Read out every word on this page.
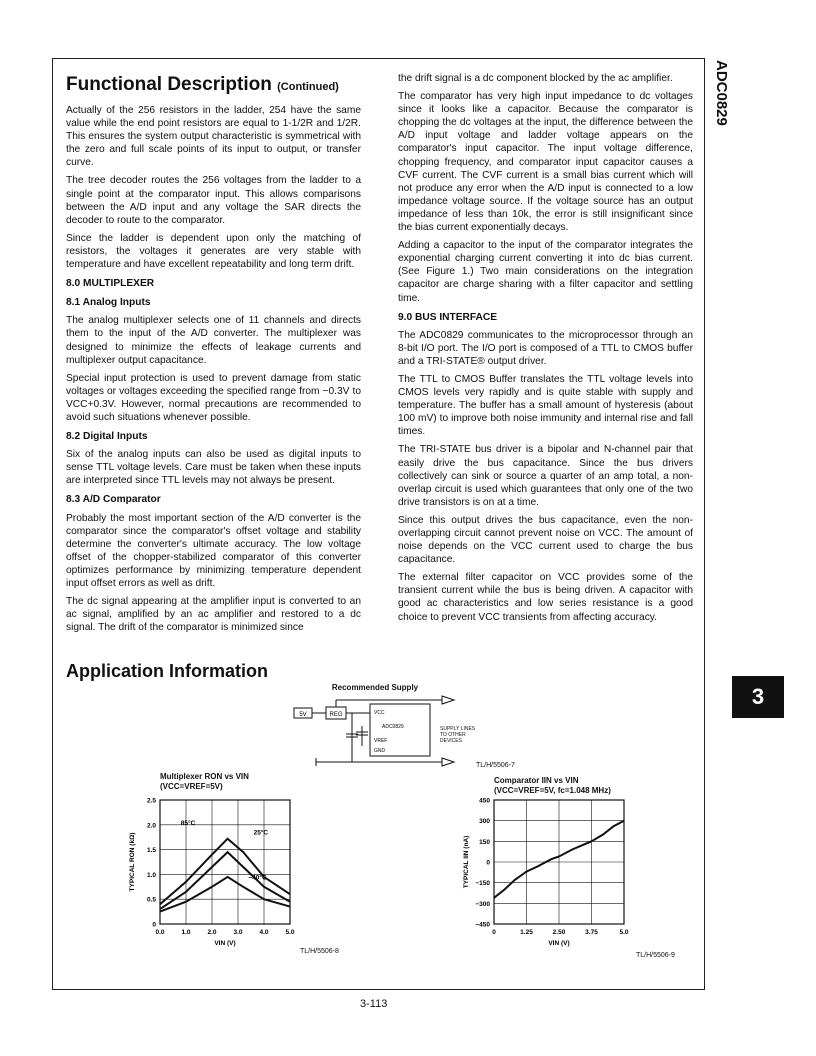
ADC0829
Functional Description (Continued)

Actually of the 256 resistors in the ladder, 254 have the same value while the end point resistors are equal to 1-1/2R and 1/2R. This ensures the system output characteristic is symmetrical with the zero and full scale points of its input to output, or transfer curve.

The tree decoder routes the 256 voltages from the ladder to a single point at the comparator input. This allows comparisons between the A/D input and any voltage the SAR directs the decoder to route to the comparator.

Since the ladder is dependent upon only the matching of resistors, the voltages it generates are very stable with temperature and have excellent repeatability and long term drift.

8.0 MULTIPLEXER
8.1 Analog Inputs

The analog multiplexer selects one of 11 channels and directs them to the input of the A/D converter. The multiplexer was designed to minimize the effects of leakage currents and multiplexer output capacitance.

Special input protection is used to prevent damage from static voltages or voltages exceeding the specified range from −0.3V to VCC+0.3V. However, normal precautions are recommended to avoid such situations whenever possible.

8.2 Digital Inputs

Six of the analog inputs can also be used as digital inputs to sense TTL voltage levels. Care must be taken when these inputs are interpreted since TTL levels may not always be present.

8.3 A/D Comparator

Probably the most important section of the A/D converter is the comparator since the comparator's offset voltage and stability determine the converter's ultimate accuracy. The low voltage offset of the chopper-stabilized comparator of this converter optimizes performance by minimizing temperature dependent input offset errors as well as drift.

The dc signal appearing at the amplifier input is converted to an ac signal, amplified by an ac amplifier and restored to a dc signal. The drift of the comparator is minimized since

the drift signal is a dc component blocked by the ac amplifier.

The comparator has very high input impedance to dc voltages since it looks like a capacitor. Because the comparator is chopping the dc voltages at the input, the difference between the A/D input voltage and ladder voltage appears on the comparator's input capacitor. The input voltage difference, chopping frequency, and comparator input capacitor causes a CVF current. The CVF current is a small bias current which will not produce any error when the A/D input is connected to a low impedance voltage source. If the voltage source has an output impedance of less than 10k, the error is still insignificant since the bias current exponentially decays.

Adding a capacitor to the input of the comparator integrates the exponential charging current converting it into dc bias current. (See Figure 1.) Two main considerations on the integration capacitor are charge sharing with a filter capacitor and settling time.

9.0 BUS INTERFACE

The ADC0829 communicates to the microprocessor through an 8-bit I/O port. The I/O port is composed of a TTL to CMOS buffer and a TRI-STATE® output driver.

The TTL to CMOS Buffer translates the TTL voltage levels into CMOS levels very rapidly and is quite stable with supply and temperature. The buffer has a small amount of hysteresis (about 100 mV) to improve both noise immunity and internal rise and fall times.

The TRI-STATE bus driver is a bipolar and N-channel pair that easily drive the bus capacitance. Since the bus drivers collectively can sink or source a quarter of an amp total, a non-overlap circuit is used which guarantees that only one of the two drive transistors is on at a time.

Since this output drives the bus capacitance, even the non-overlapping circuit cannot prevent noise on VCC. The amount of noise depends on the VCC current used to charge the bus capacitance.

The external filter capacitor on VCC provides some of the transient current while the bus is being driven. A capacitor with good ac characteristics and low series resistance is a good choice to prevent VCC transients from affecting accuracy.

Application Information
Recommended Supply
5V	REG	VCC
ADC0829
VREF
GND
SUPPLY LINES TO OTHER DEVICES
TL/H/5506-7
Multiplexer RON vs VIN
(VCC=VREF=5V)
0.0	1.0	2.0	3.0	4.0	5.0
0
0.5
1.0
1.5
2.0
2.5
VIN (V)
TYPICAL RON (kΩ)
85°C
25°C
−40°C
TL/H/5506-8
Comparator IIN vs VIN
(VCC=VREF=5V, fc=1.048 MHz)
0	1.25	2.50	3.75	5.0
450
300
150
0
−150
−300
−450
VIN (V)
TYPICAL IIN (nA)
TL/H/5506-9
3
3-113
